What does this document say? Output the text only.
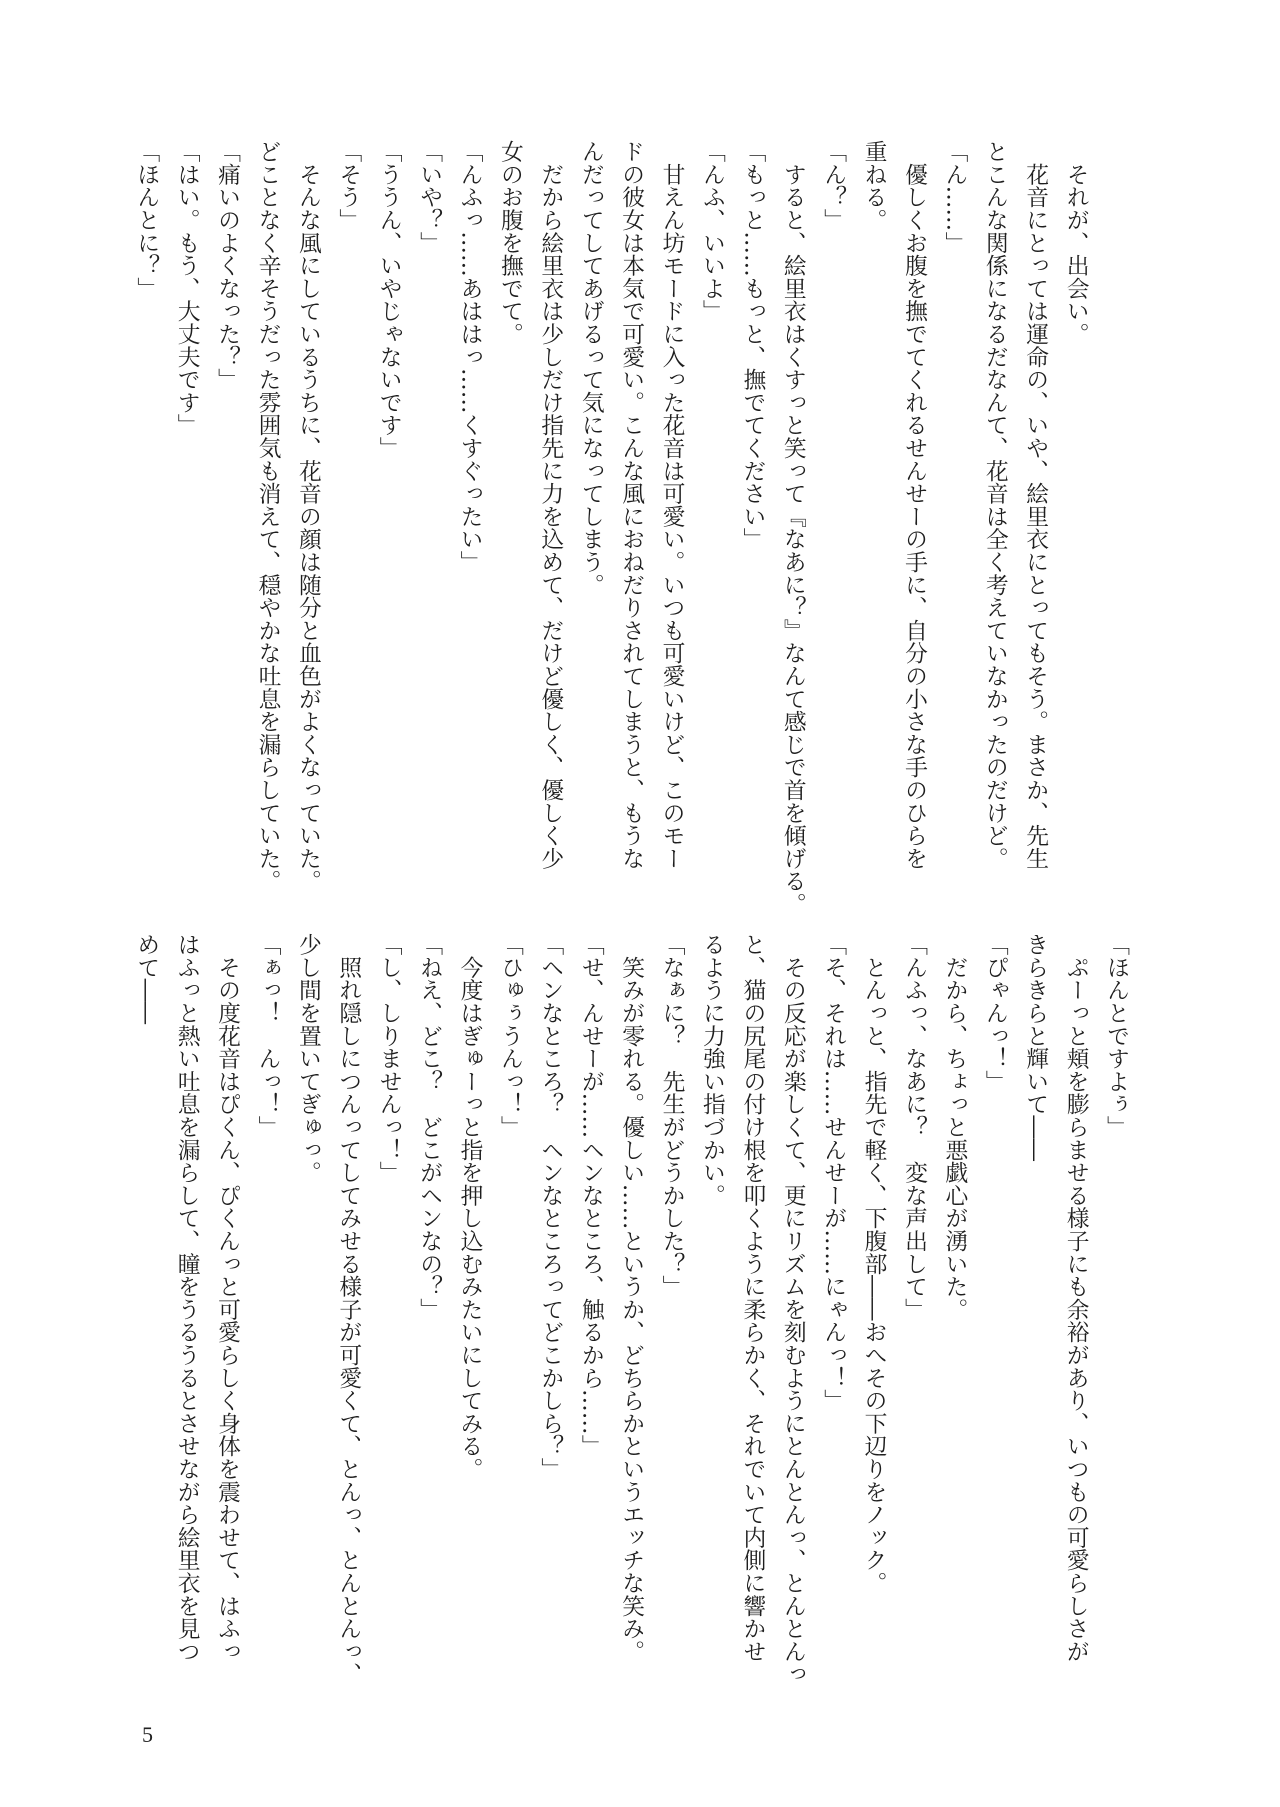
　それが、出会い。
　花音にとっては運命の、いや、絵里衣にとってもそう。まさか、先生
とこんな関係になるだなんて、花音は全く考えていなかったのだけど。
「ん……」
　優しくお腹を撫でてくれるせんせーの手に、自分の小さな手のひらを
重ねる。
「ん？」
　すると、絵里衣はくすっと笑って『なあに？』なんて感じで首を傾げる。
「もっと……もっと、撫でてください」
「んふ、いいよ」
　甘えん坊モードに入った花音は可愛い。いつも可愛いけど、このモー
ドの彼女は本気で可愛い。こんな風におねだりされてしまうと、もうな
んだってしてあげるって気になってしまう。
　だから絵里衣は少しだけ指先に力を込めて、だけど優しく、優しく少
女のお腹を撫でて。
「んふっ……あははっ……くすぐったい」
「いや？」
「ううん、いやじゃないです」
「そう」
　そんな風にしているうちに、花音の顔は随分と血色がよくなっていた。
どことなく辛そうだった雰囲気も消えて、穏やかな吐息を漏らしていた。
「痛いのよくなった？」
「はい。もう、大丈夫です」
「ほんとに？」
「ほんとですよぅ」
　ぷーっと頬を膨らませる様子にも余裕があり、いつもの可愛らしさが
きらきらと輝いて――
「ぴゃんっ！」
　だから、ちょっと悪戯心が湧いた。
「んふっ、なあに？　変な声出して」
　とんっと、指先で軽く、下腹部――おへその下辺りをノック。
「そ、それは……せんせーが……にゃんっ！」
　その反応が楽しくて、更にリズムを刻むようにとんとんっ、とんとんっ
と、猫の尻尾の付け根を叩くように柔らかく、それでいて内側に響かせ
るように力強い指づかい。
「なぁに？　先生がどうかした？」
　笑みが零れる。優しい……というか、どちらかというエッチな笑み。
「せ、んせーが……ヘンなところ、触るから……」
「ヘンなところ？　ヘンなところってどこかしら？」
「ひゅぅうんっ！」
　今度はぎゅーっと指を押し込むみたいにしてみる。
「ねえ、どこ？　どこがヘンなの？」
「し、しりませんっ！」
　照れ隠しにつんってしてみせる様子が可愛くて、とんっ、とんとんっ、
少し間を置いてぎゅっ。
「ぁっ！　んっ！」
　その度花音はぴくん、ぴくんっと可愛らしく身体を震わせて、はふっ
はふっと熱い吐息を漏らして、瞳をうるうるとさせながら絵里衣を見つ
めて――
5
